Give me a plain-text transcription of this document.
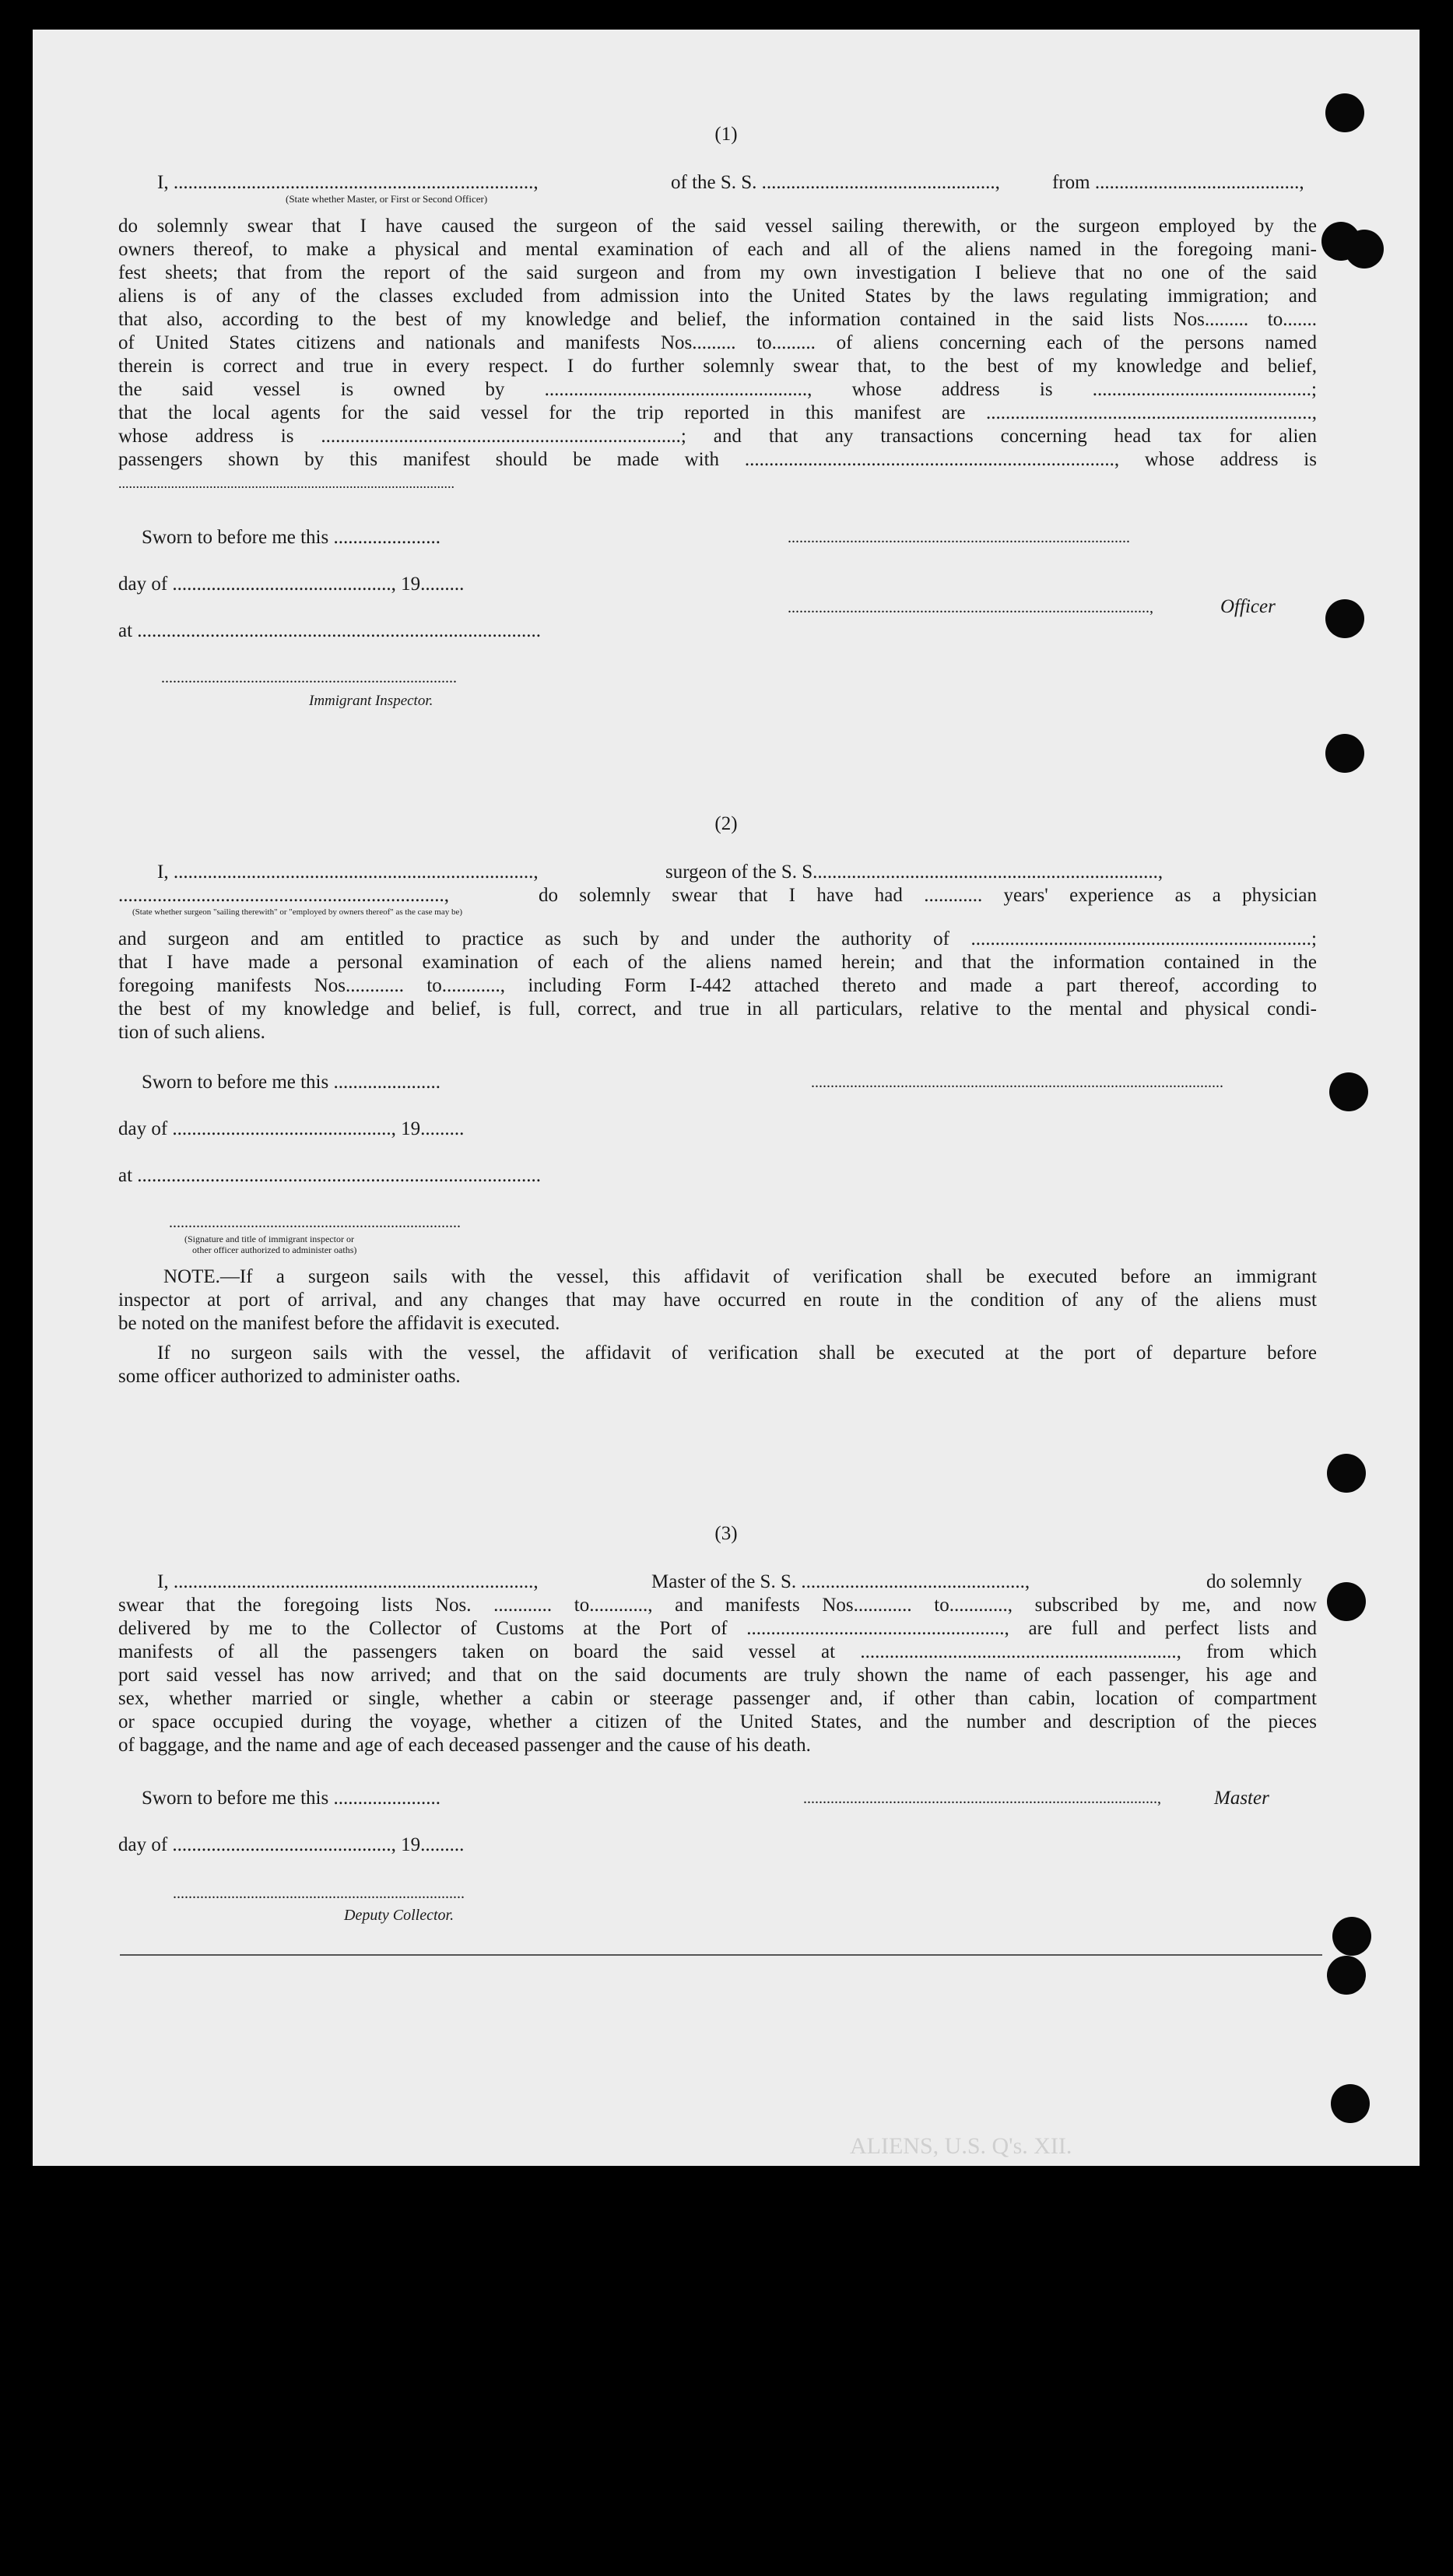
(1)
I, ..........................................................................,	of the S. S. ................................................,	from ..........................................,
(State whether Master, or First or Second Officer)
do solemnly swear that I have caused the surgeon of the said vessel sailing therewith, or the surgeon employed by the
owners thereof, to make a physical and mental examination of each and all of the aliens named in the foregoing mani-
fest sheets; that from the report of the said surgeon and from my own investigation I believe that no one of the said
aliens is of any of the classes excluded from admission into the United States by the laws regulating immigration; and
that also, according to the best of my knowledge and belief, the information contained in the said lists Nos......... to.......
of United States citizens and nationals and manifests Nos......... to......... of aliens concerning each of the persons named
therein is correct and true in every respect. I do further solemnly swear that, to the best of my knowledge and belief,
the said vessel is owned by ......................................................, whose address is .............................................;
that the local agents for the said vessel for the trip reported in this manifest are ...................................................................,
whose address is ..........................................................................; and that any transactions concerning head tax for alien
passengers shown by this manifest should be made with ............................................................................, whose address is
................................................................................................
Sworn to before me this ......................
day of ............................................., 19.........
at ...................................................................................
............................................................................
Immigrant Inspector.
........................................................................................
.............................................................................................,	Officer
(2)
I, ..........................................................................,	surgeon of the S. S.......................................................................,
...................................................................,	do solemnly swear that I have had ............ years' experience as a physician
(State whether surgeon "sailing therewith" or "employed by owners thereof" as the case may be)
and surgeon and am entitled to practice as such by and under the authority of ......................................................................;
that I have made a personal examination of each of the aliens named herein; and that the information contained in the
foregoing manifests Nos............ to............, including Form I-442 attached thereto and made a part thereof, according to
the best of my knowledge and belief, is full, correct, and true in all particulars, relative to the mental and physical condi-
tion of such aliens.
Sworn to before me this ......................	..........................................................................................................
day of ............................................., 19.........
at ...................................................................................
...........................................................................
(Signature and title of immigrant inspector or
other officer authorized to administer oaths)
NOTE.—If a surgeon sails with the vessel, this affidavit of verification shall be executed before an immigrant
inspector at port of arrival, and any changes that may have occurred en route in the condition of any of the aliens must
be noted on the manifest before the affidavit is executed.
If no surgeon sails with the vessel, the affidavit of verification shall be executed at the port of departure before
some officer authorized to administer oaths.
(3)
I, ..........................................................................,	Master of the S. S. ..............................................,	do solemnly
swear that the foregoing lists Nos. ............ to............, and manifests Nos............ to............, subscribed by me, and now
delivered by me to the Collector of Customs at the Port of ....................................................., are full and perfect lists and
manifests of all the passengers taken on board the said vessel at ................................................................., from which
port said vessel has now arrived; and that on the said documents are truly shown the name of each passenger, his age and
sex, whether married or single, whether a cabin or steerage passenger and, if other than cabin, location of compartment
or space occupied during the voyage, whether a citizen of the United States, and the number and description of the pieces
of baggage, and the name and age of each deceased passenger and the cause of his death.
Sworn to before me this ......................	...........................................................................................,	Master
day of ............................................., 19.........
...........................................................................
Deputy Collector.
ALIENS, U.S. Q's. XII.
